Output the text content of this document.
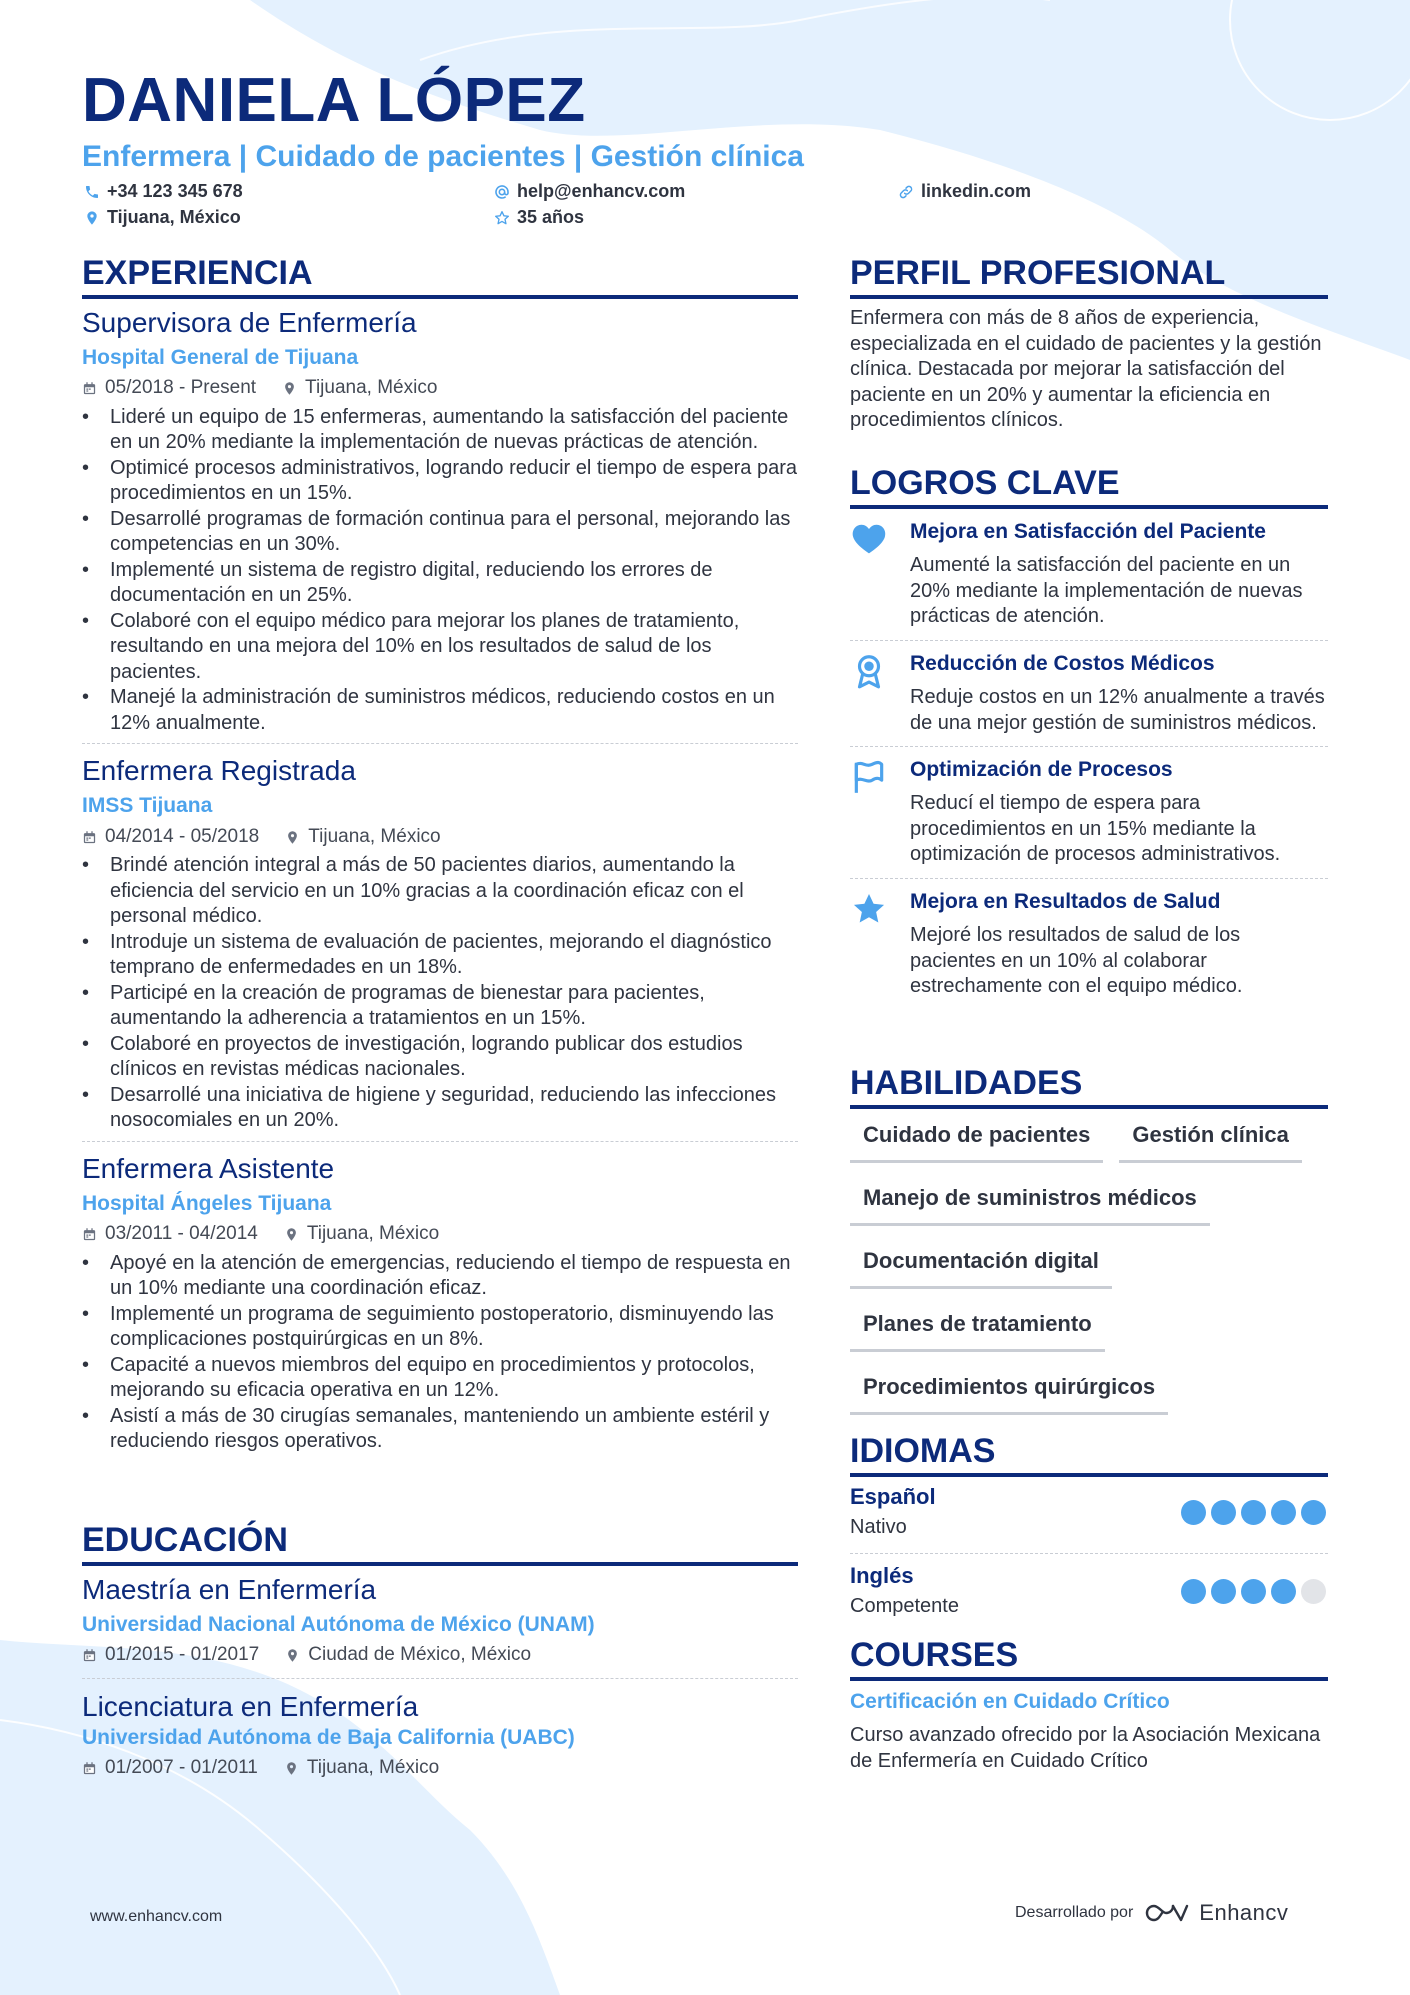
DANIELA LÓPEZ
Enfermera | Cuidado de pacientes | Gestión clínica
+34 123 345 678	help@enhancv.com	linkedin.com
Tijuana, México	35 años
EXPERIENCIA
Supervisora de Enfermería
Hospital General de Tijuana
05/2018 - Present	Tijuana, México
• Lideré un equipo de 15 enfermeras, aumentando la satisfacción del paciente en un 20% mediante la implementación de nuevas prácticas de atención.
• Optimicé procesos administrativos, logrando reducir el tiempo de espera para procedimientos en un 15%.
• Desarrollé programas de formación continua para el personal, mejorando las competencias en un 30%.
• Implementé un sistema de registro digital, reduciendo los errores de documentación en un 25%.
• Colaboré con el equipo médico para mejorar los planes de tratamiento, resultando en una mejora del 10% en los resultados de salud de los pacientes.
• Manejé la administración de suministros médicos, reduciendo costos en un 12% anualmente.
Enfermera Registrada
IMSS Tijuana
04/2014 - 05/2018	Tijuana, México
• Brindé atención integral a más de 50 pacientes diarios, aumentando la eficiencia del servicio en un 10% gracias a la coordinación eficaz con el personal médico.
• Introduje un sistema de evaluación de pacientes, mejorando el diagnóstico temprano de enfermedades en un 18%.
• Participé en la creación de programas de bienestar para pacientes, aumentando la adherencia a tratamientos en un 15%.
• Colaboré en proyectos de investigación, logrando publicar dos estudios clínicos en revistas médicas nacionales.
• Desarrollé una iniciativa de higiene y seguridad, reduciendo las infecciones nosocomiales en un 20%.
Enfermera Asistente
Hospital Ángeles Tijuana
03/2011 - 04/2014	Tijuana, México
• Apoyé en la atención de emergencias, reduciendo el tiempo de respuesta en un 10% mediante una coordinación eficaz.
• Implementé un programa de seguimiento postoperatorio, disminuyendo las complicaciones postquirúrgicas en un 8%.
• Capacité a nuevos miembros del equipo en procedimientos y protocolos, mejorando su eficacia operativa en un 12%.
• Asistí a más de 30 cirugías semanales, manteniendo un ambiente estéril y reduciendo riesgos operativos.
EDUCACIÓN
Maestría en Enfermería
Universidad Nacional Autónoma de México (UNAM)
01/2015 - 01/2017	Ciudad de México, México
Licenciatura en Enfermería
Universidad Autónoma de Baja California (UABC)
01/2007 - 01/2011	Tijuana, México
PERFIL PROFESIONAL
Enfermera con más de 8 años de experiencia, especializada en el cuidado de pacientes y la gestión clínica. Destacada por mejorar la satisfacción del paciente en un 20% y aumentar la eficiencia en procedimientos clínicos.
LOGROS CLAVE
Mejora en Satisfacción del Paciente
Aumenté la satisfacción del paciente en un 20% mediante la implementación de nuevas prácticas de atención.
Reducción de Costos Médicos
Reduje costos en un 12% anualmente a través de una mejor gestión de suministros médicos.
Optimización de Procesos
Reducí el tiempo de espera para procedimientos en un 15% mediante la optimización de procesos administrativos.
Mejora en Resultados de Salud
Mejoré los resultados de salud de los pacientes en un 10% al colaborar estrechamente con el equipo médico.
HABILIDADES
Cuidado de pacientes	Gestión clínica
Manejo de suministros médicos
Documentación digital
Planes de tratamiento
Procedimientos quirúrgicos
IDIOMAS
Español
Nativo
Inglés
Competente
COURSES
Certificación en Cuidado Crítico
Curso avanzado ofrecido por la Asociación Mexicana de Enfermería en Cuidado Crítico
www.enhancv.com	Desarrollado por	Enhancv
